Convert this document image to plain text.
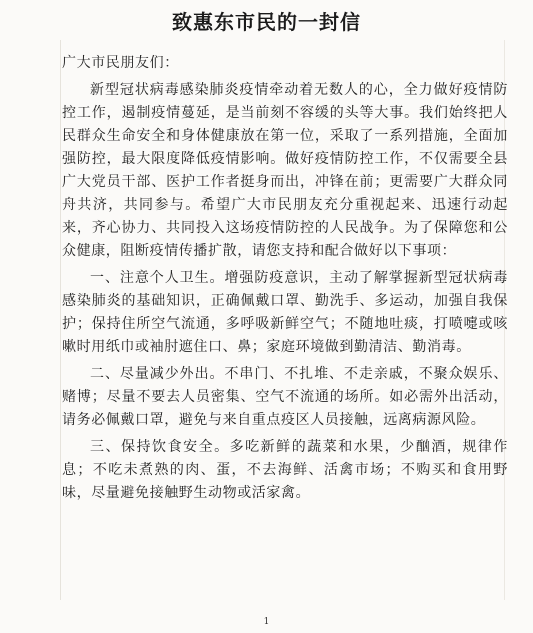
致惠东市民的一封信

广大市民朋友们：

新型冠状病毒感染肺炎疫情牵动着无数人的心，全力做好疫情防控工作，遏制疫情蔓延，是当前刻不容缓的头等大事。我们始终把人民群众生命安全和身体健康放在第一位，采取了一系列措施，全面加强防控，最大限度降低疫情影响。做好疫情防控工作，不仅需要全县广大党员干部、医护工作者挺身而出，冲锋在前；更需要广大群众同舟共济，共同参与。希望广大市民朋友充分重视起来、迅速行动起来，齐心协力、共同投入这场疫情防控的人民战争。为了保障您和公众健康，阻断疫情传播扩散，请您支持和配合做好以下事项：

一、注意个人卫生。增强防疫意识，主动了解掌握新型冠状病毒感染肺炎的基础知识，正确佩戴口罩、勤洗手、多运动，加强自我保护；保持住所空气流通，多呼吸新鲜空气；不随地吐痰，打喷嚏或咳嗽时用纸巾或袖肘遮住口、鼻；家庭环境做到勤清洁、勤消毒。

二、尽量减少外出。不串门、不扎堆、不走亲戚，不聚众娱乐、赌博；尽量不要去人员密集、空气不流通的场所。如必需外出活动，请务必佩戴口罩，避免与来自重点疫区人员接触，远离病源风险。

三、保持饮食安全。多吃新鲜的蔬菜和水果，少酗酒，规律作息；不吃未煮熟的肉、蛋，不去海鲜、活禽市场；不购买和食用野味，尽量避免接触野生动物或活家禽。

1
